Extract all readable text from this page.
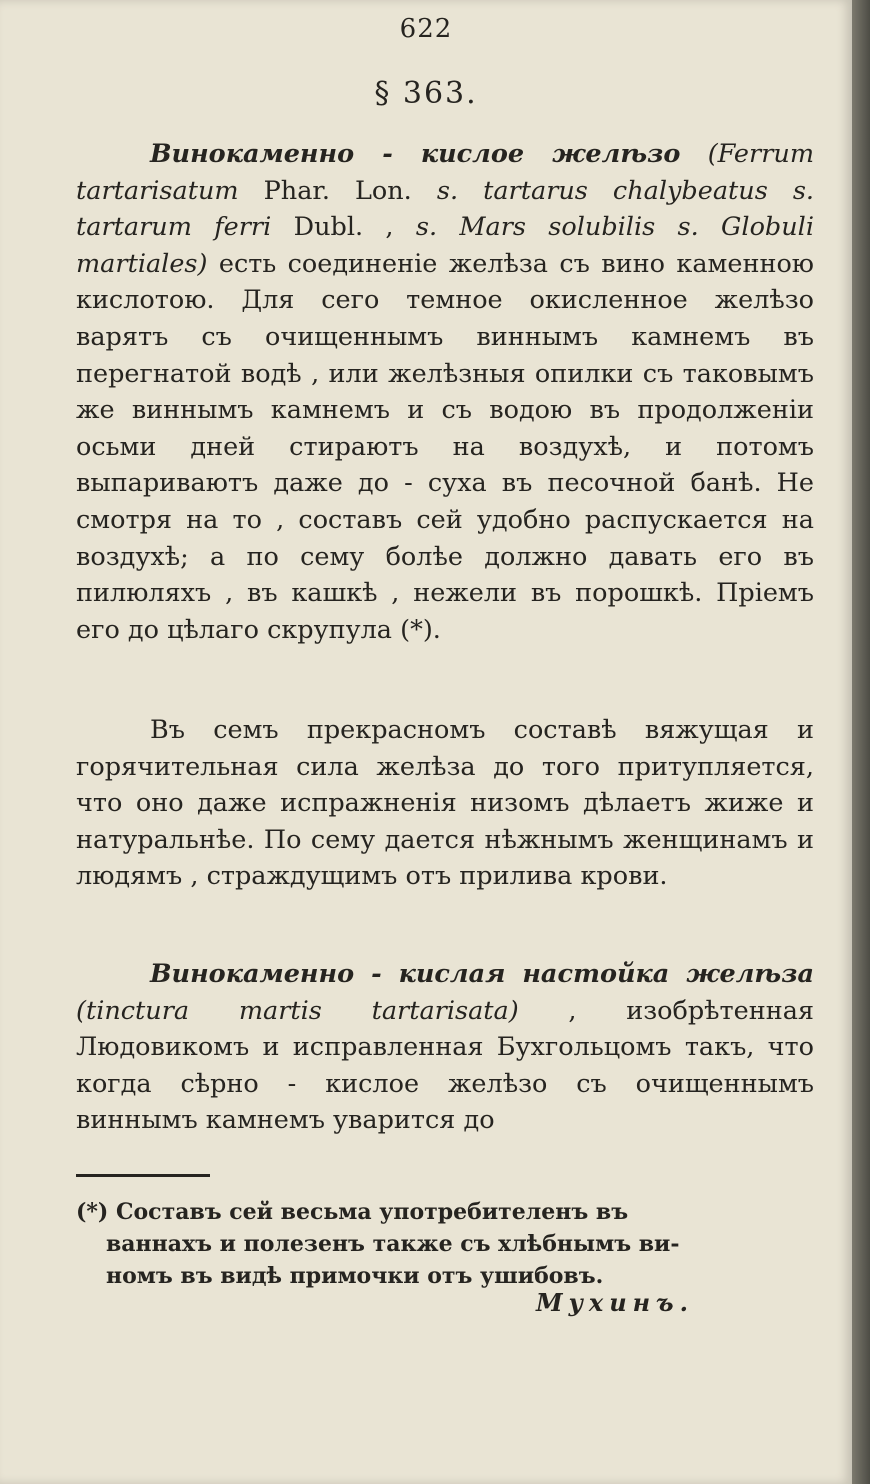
622
§ 363.

Винокаменно - кислое желѣзо (Ferrum tartarisatum Phar. Lon. s. tartarus chalybeatus s. tartarum ferri Dubl. , s. Mars solubilis s. Globuli martiales) есть соединеніе желѣза съ вино каменною кислотою. Для сего темное окисленное желѣзо варятъ съ очищеннымъ виннымъ камнемъ въ перегнатой водѣ , или желѣзныя опилки съ таковымъ же виннымъ камнемъ и съ водою въ продолженіи осьми дней стираютъ на воздухѣ, и потомъ выпариваютъ даже до - суха въ песочной банѣ. Не смотря на то , составъ сей удобно распускается на воздухѣ; а по сему болѣе должно давать его въ пилюляхъ , въ кашкѣ , нежели въ порошкѣ. Пріемъ его до цѣлаго скрупула (*).

Въ семъ прекрасномъ составѣ вяжущая и горячительная сила желѣза до того притупляется, что оно даже испражненія низомъ дѣлаетъ жиже и натуральнѣе. По сему дается нѣжнымъ женщинамъ и людямъ , страждущимъ отъ прилива крови.

Винокаменно - кислая настойка желѣза (tinctura martis tartarisata) , изобрѣтенная Людовикомъ и исправленная Бухгольцомъ такъ, что когда сѣрно - кислое желѣзо съ очищеннымъ виннымъ камнемъ уварится до

(*) Составъ сей весьма употребителенъ въ

ваннахъ и полезенъ также съ хлѣбнымъ ви-

номъ въ видѣ примочки отъ ушибовъ.

Мухинъ.
